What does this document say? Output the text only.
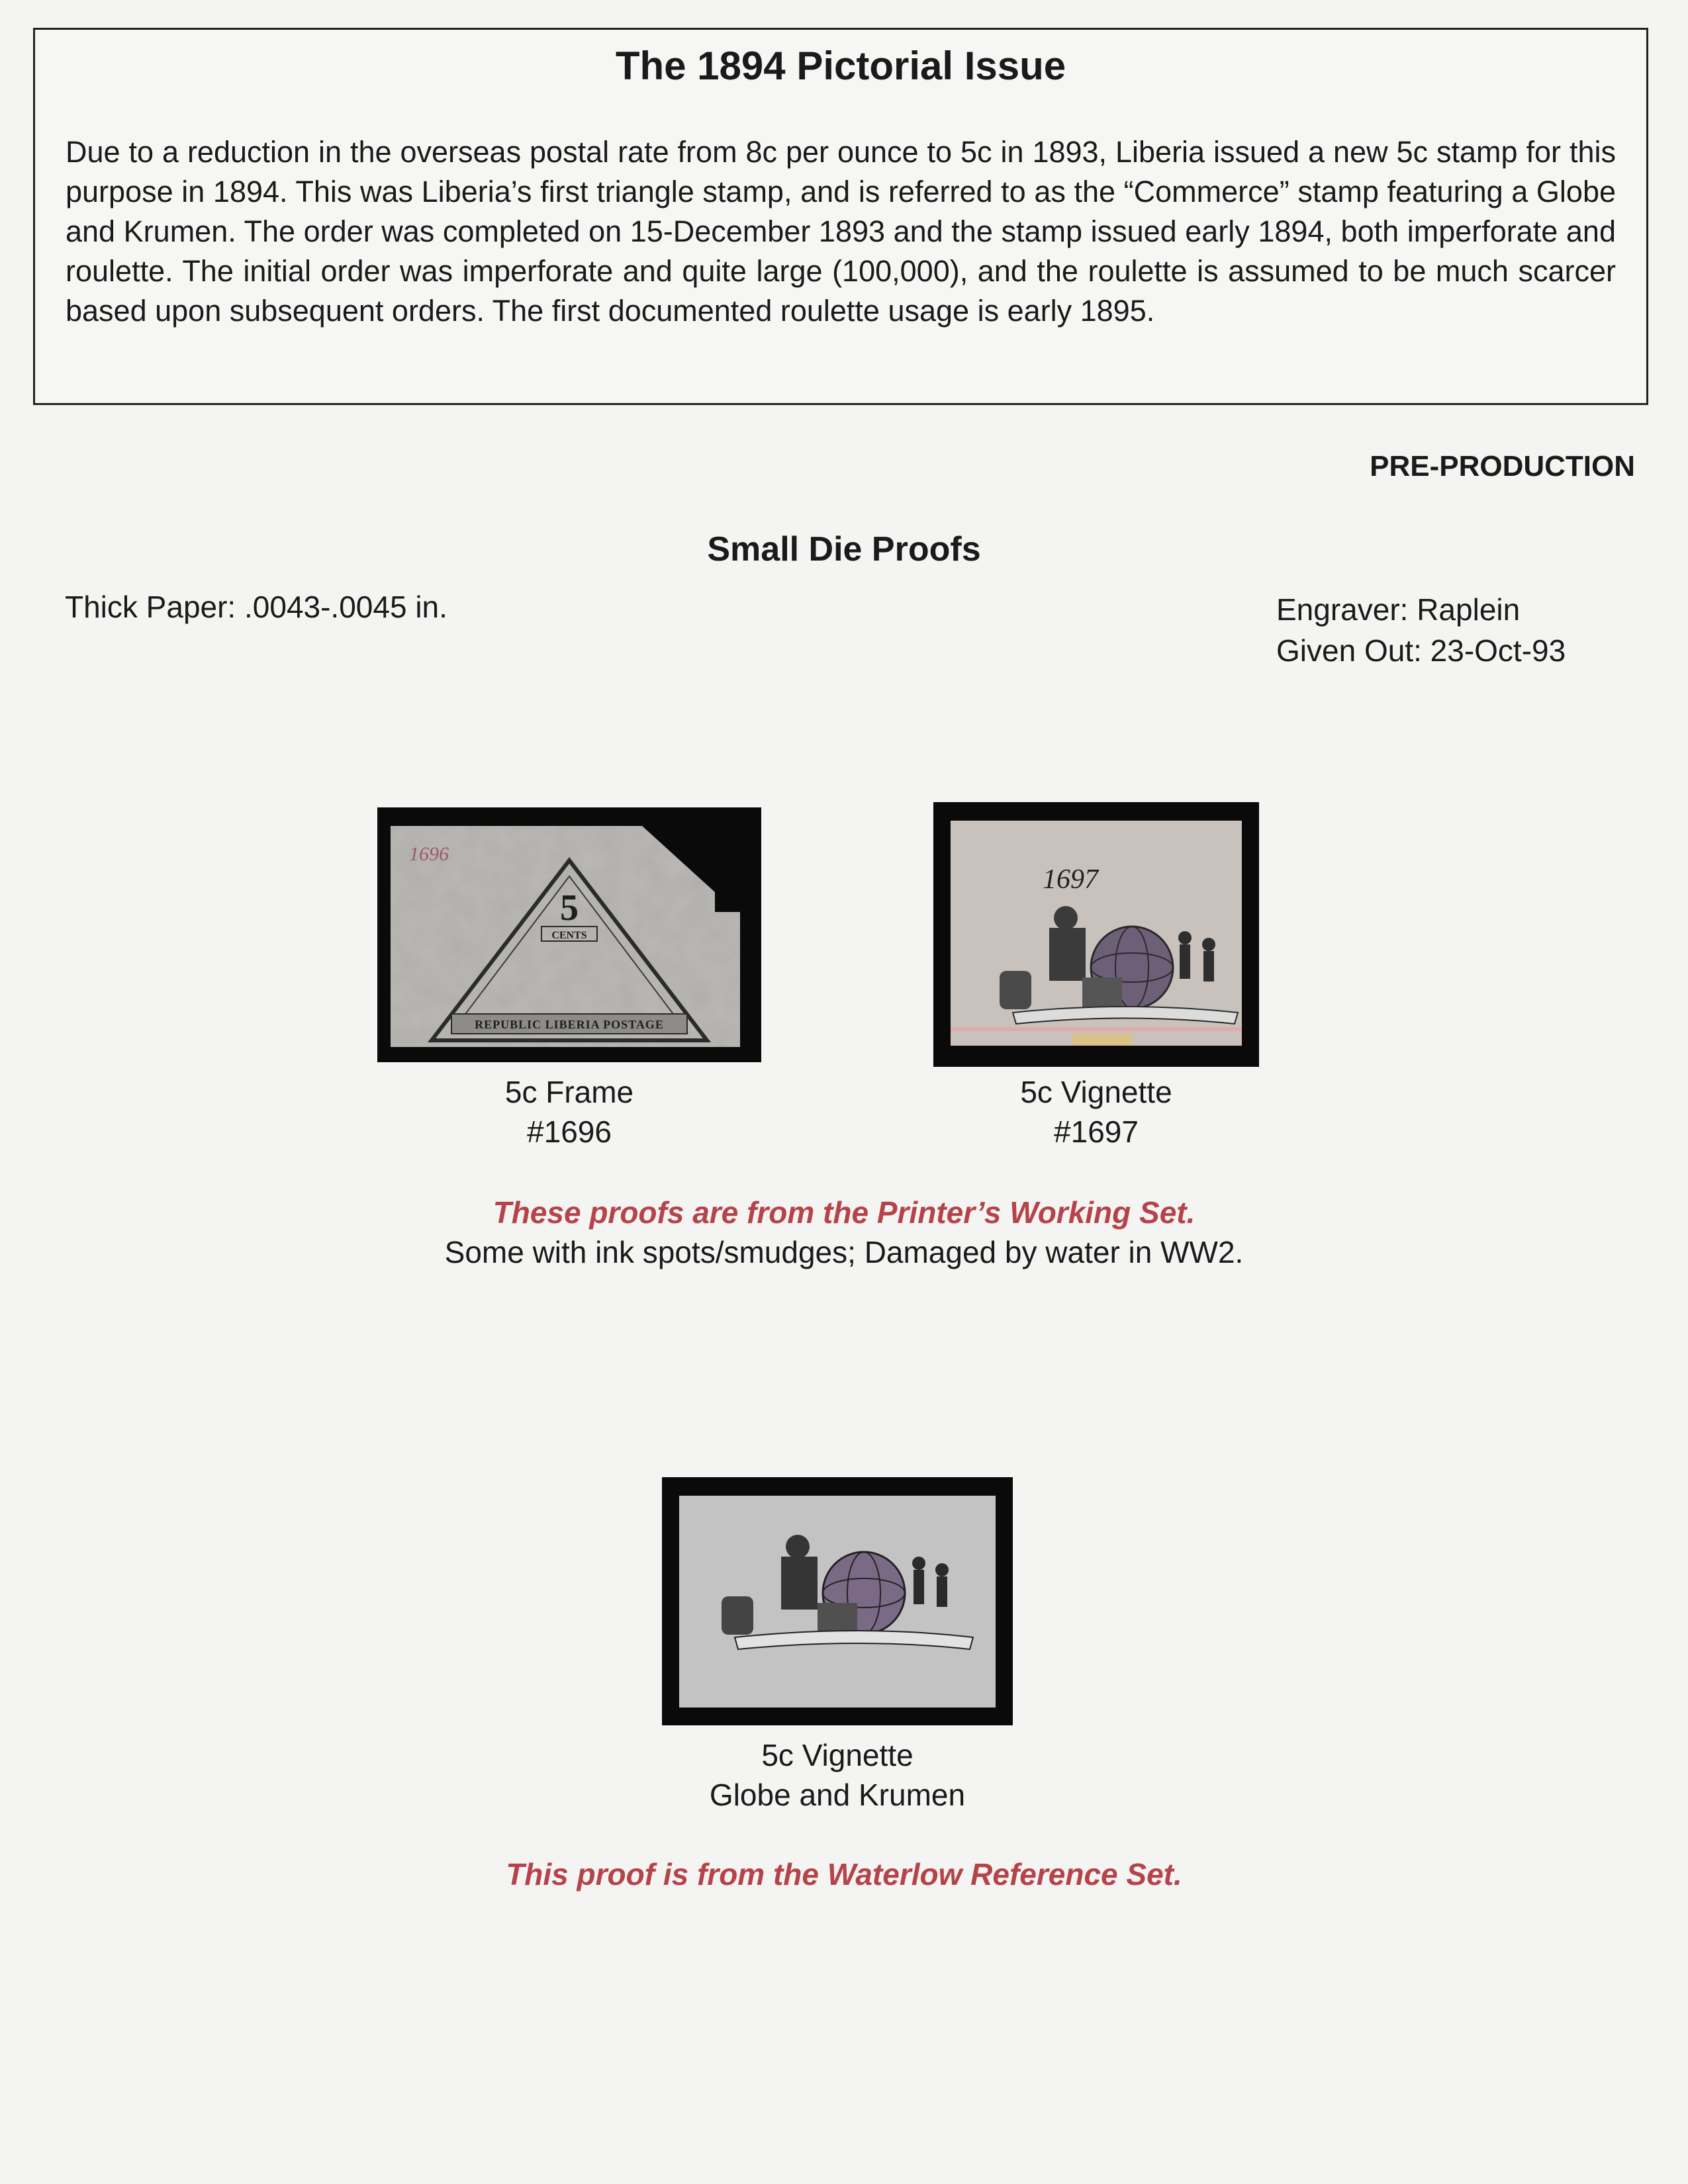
The 1894 Pictorial Issue

Due to a reduction in the overseas postal rate from 8c per ounce to 5c in 1893, Liberia issued a new 5c stamp for this purpose in 1894. This was Liberia’s first triangle stamp, and is referred to as the “Commerce” stamp featuring a Globe and Krumen. The order was completed on 15-December 1893 and the stamp issued early 1894, both imperforate and roulette. The initial order was imperforate and quite large (100,000), and the roulette is assumed to be much scarcer based upon subsequent orders. The first documented roulette usage is early 1895.

PRE-PRODUCTION
Small Die Proofs
Thick Paper: .0043-.0045 in.	Engraver: Raplein
Given Out: 23-Oct-93
REPUBLIC LIBERIA POSTAGE
5
CENTS
1696
5c Frame
#1696
1697
5c Vignette
#1697
These proofs are from the Printer’s Working Set.
Some with ink spots/smudges; Damaged by water in WW2.
5c Vignette
Globe and Krumen
This proof is from the Waterlow Reference Set.
